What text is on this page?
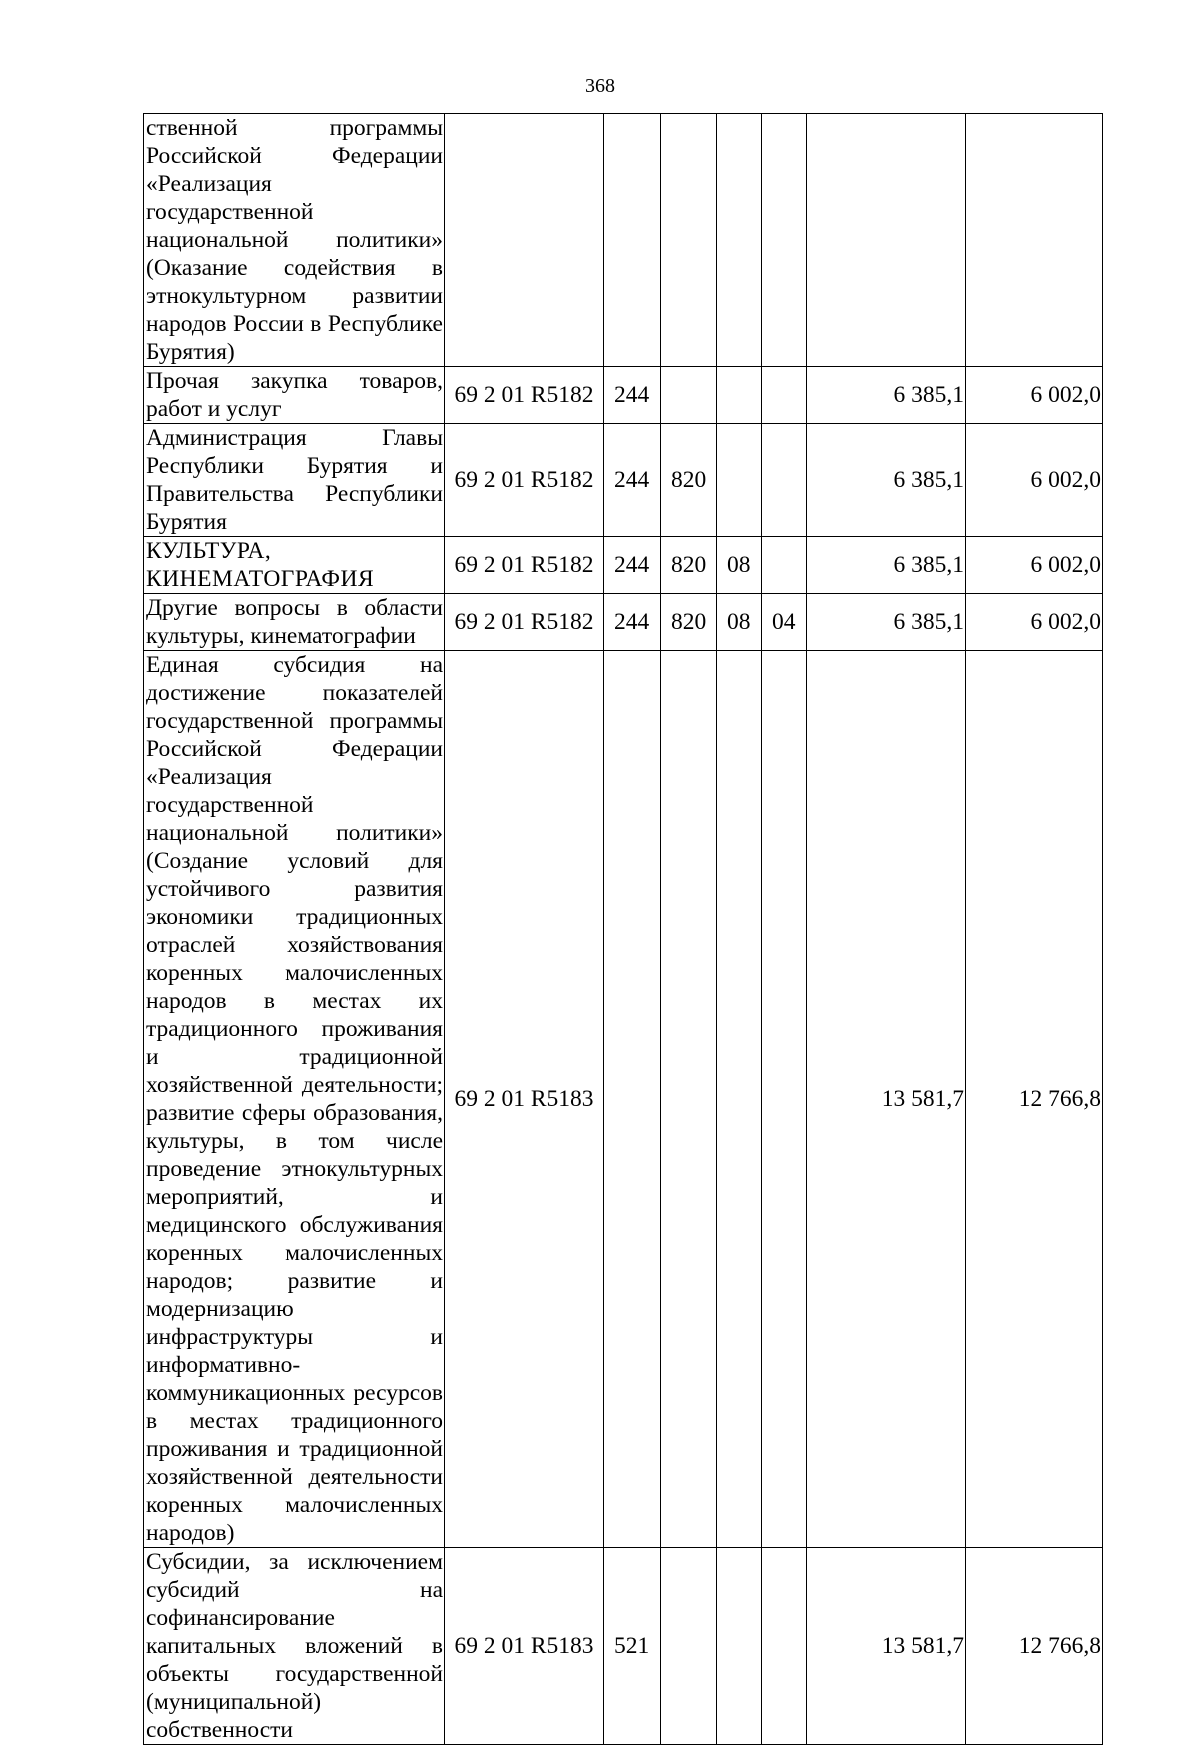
368
ственной программы Российской Федерации «Реализация государственной национальной политики» (Оказание содействия в этнокультурном развитии народов России в Республике Бурятия)							
Прочая закупка товаров, работ и услуг	69 2 01 R5182	244				6 385,1	6 002,0
Администрация Главы Республики Бурятия и Правительства Республики Бурятия	69 2 01 R5182	244	820			6 385,1	6 002,0
КУЛЬТУРА, КИНЕМАТОГРАФИЯ	69 2 01 R5182	244	820	08		6 385,1	6 002,0
Другие вопросы в области культуры, кинематографии	69 2 01 R5182	244	820	08	04	6 385,1	6 002,0
Единая субсидия на достижение показателей государственной программы Российской Федерации «Реализация государственной национальной политики» (Создание условий для устойчивого развития экономики традиционных отраслей хозяйствования коренных малочисленных народов в местах их традиционного проживания и традиционной хозяйственной деятельности; развитие сферы образования, культуры, в том числе проведение этнокультурных мероприятий, и медицинского обслуживания коренных малочисленных народов; развитие и модернизацию инфраструктуры и информативно-коммуникационных ресурсов в местах традиционного проживания и традиционной хозяйственной деятельности коренных малочисленных народов)	69 2 01 R5183					13 581,7	12 766,8
Субсидии, за исключением субсидий на софинансирование капитальных вложений в объекты государственной (муниципальной) собственности	69 2 01 R5183	521				13 581,7	12 766,8
